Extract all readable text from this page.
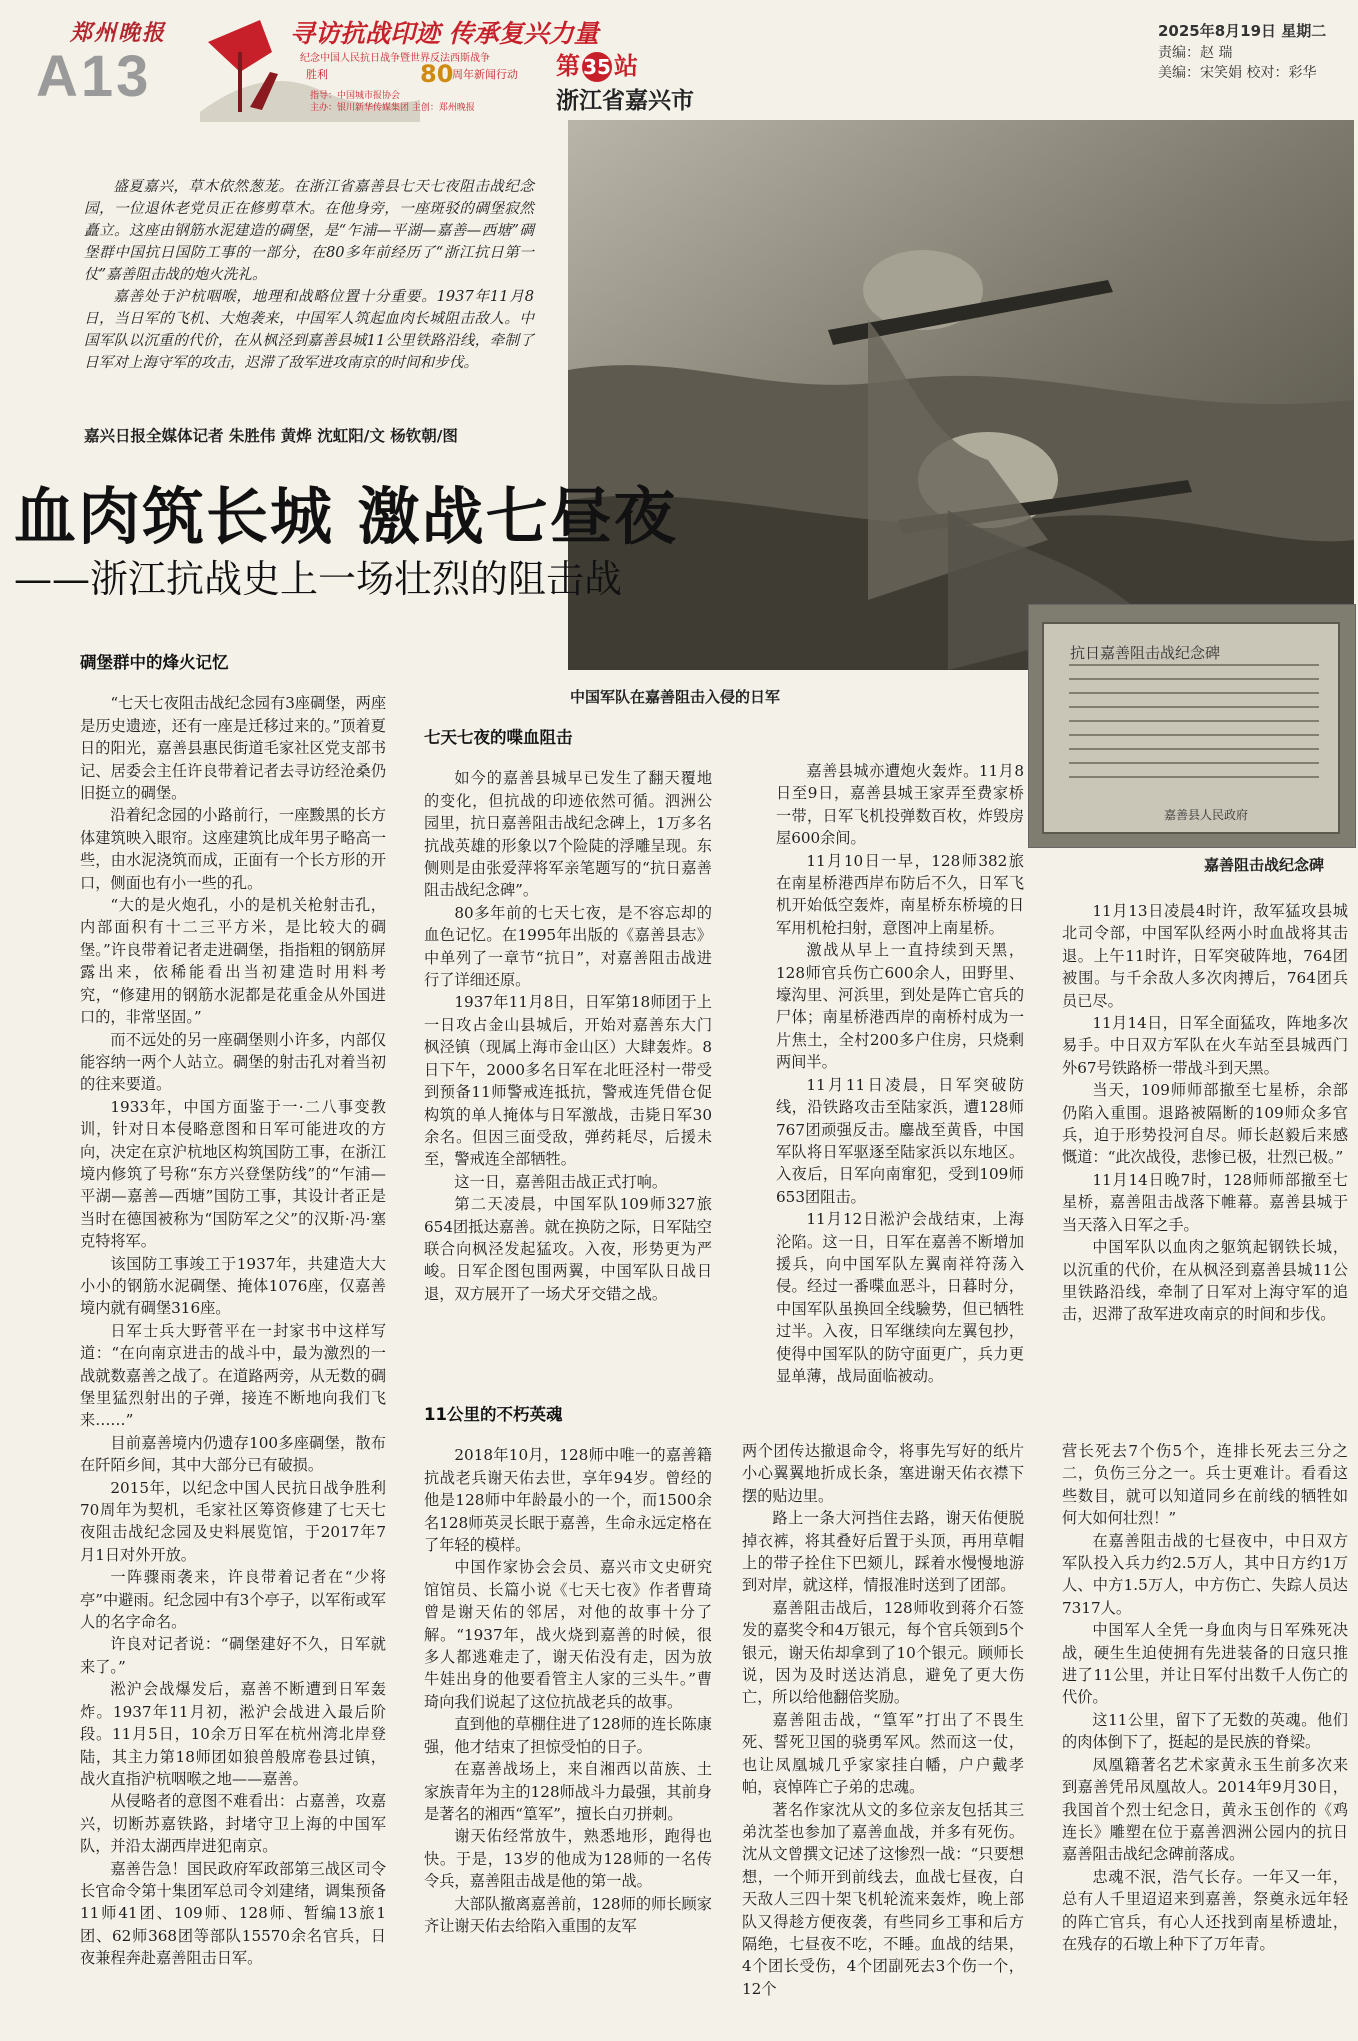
郑州晚报
A13
寻访抗战印迹 传承复兴力量
纪念中国人民抗日战争暨世界反法西斯战争
胜利	80
周年新闻行动
指导：中国城市报协会
主办：银川新华传媒集团 主创：郑州晚报
第 35 站
浙江省嘉兴市
2025年8月19日 星期二
责编：赵 瑞
美编：宋笑娟 校对：彩华
中国军队在嘉善阻击入侵的日军
抗日嘉善阻击战纪念碑
嘉善县人民政府
嘉善阻击战纪念碑

盛夏嘉兴，草木依然葱茏。在浙江省嘉善县七天七夜阻击战纪念园，一位退休老党员正在修剪草木。在他身旁，一座斑驳的碉堡寂然矗立。这座由钢筋水泥建造的碉堡，是“乍浦—平湖—嘉善—西塘”碉堡群中国抗日国防工事的一部分，在80多年前经历了“浙江抗日第一仗”嘉善阻击战的炮火洗礼。

嘉善处于沪杭咽喉，地理和战略位置十分重要。1937年11月8日，当日军的飞机、大炮袭来，中国军人筑起血肉长城阻击敌人。中国军队以沉重的代价，在从枫泾到嘉善县城11公里铁路沿线，牵制了日军对上海守军的攻击，迟滞了敌军进攻南京的时间和步伐。

嘉兴日报全媒体记者 朱胜伟 黄烨 沈虹阳/文 杨钦朝/图
血肉筑长城 激战七昼夜
——浙江抗战史上一场壮烈的阻击战
碉堡群中的烽火记忆

“七天七夜阻击战纪念园有3座碉堡，两座是历史遗迹，还有一座是迁移过来的。”顶着夏日的阳光，嘉善县惠民街道毛家社区党支部书记、居委会主任许良带着记者去寻访经沧桑仍旧挺立的碉堡。

沿着纪念园的小路前行，一座黢黑的长方体建筑映入眼帘。这座建筑比成年男子略高一些，由水泥浇筑而成，正面有一个长方形的开口，侧面也有小一些的孔。

“大的是火炮孔，小的是机关枪射击孔，内部面积有十二三平方米，是比较大的碉堡。”许良带着记者走进碉堡，指指粗的钢筋屏露出来，依稀能看出当初建造时用料考究，“修建用的钢筋水泥都是花重金从外国进口的，非常坚固。”

而不远处的另一座碉堡则小许多，内部仅能容纳一两个人站立。碉堡的射击孔对着当初的往来要道。

1933年，中国方面鉴于一·二八事变教训，针对日本侵略意图和日军可能进攻的方向，决定在京沪杭地区构筑国防工事，在浙江境内修筑了号称“东方兴登堡防线”的“乍浦—平湖—嘉善—西塘”国防工事，其设计者正是当时在德国被称为“国防军之父”的汉斯·冯·塞克特将军。

该国防工事竣工于1937年，共建造大大小小的钢筋水泥碉堡、掩体1076座，仅嘉善境内就有碉堡316座。

日军士兵大野菅平在一封家书中这样写道：“在向南京进击的战斗中，最为激烈的一战就数嘉善之战了。在道路两旁，从无数的碉堡里猛烈射出的子弹，接连不断地向我们飞来……”

目前嘉善境内仍遗存100多座碉堡，散布在阡陌乡间，其中大部分已有破损。

2015年，以纪念中国人民抗日战争胜利70周年为契机，毛家社区筹资修建了七天七夜阻击战纪念园及史料展览馆，于2017年7月1日对外开放。

一阵骤雨袭来，许良带着记者在“少将亭”中避雨。纪念园中有3个亭子，以军衔或军人的名字命名。

许良对记者说：“碉堡建好不久，日军就来了。”

淞沪会战爆发后，嘉善不断遭到日军轰炸。1937年11月初，淞沪会战进入最后阶段。11月5日，10余万日军在杭州湾北岸登陆，其主力第18师团如狼兽般席卷县过镇，战火直指沪杭咽喉之地——嘉善。

从侵略者的意图不难看出：占嘉善，攻嘉兴，切断苏嘉铁路，封堵守卫上海的中国军队，并沿太湖西岸进犯南京。

嘉善告急！国民政府军政部第三战区司令长官命令第十集团军总司令刘建绪，调集预备11师41团、109师、128师、暂编13旅1团、62师368团等部队15570余名官兵，日夜兼程奔赴嘉善阻击日军。

七天七夜的喋血阻击

如今的嘉善县城早已发生了翻天覆地的变化，但抗战的印迹依然可循。泗洲公园里，抗日嘉善阻击战纪念碑上，1万多名抗战英雄的形象以7个险陡的浮雕呈现。东侧则是由张爱萍将军亲笔题写的“抗日嘉善阻击战纪念碑”。

80多年前的七天七夜，是不容忘却的血色记忆。在1995年出版的《嘉善县志》中单列了一章节“抗日”，对嘉善阻击战进行了详细还原。

1937年11月8日，日军第18师团于上一日攻占金山县城后，开始对嘉善东大门枫泾镇（现属上海市金山区）大肆轰炸。8日下午，2000多名日军在北旺泾村一带受到预备11师警戒连抵抗，警戒连凭借仓促构筑的单人掩体与日军激战，击毙日军30余名。但因三面受敌，弹药耗尽，后援未至，警戒连全部牺牲。

这一日，嘉善阻击战正式打响。

第二天凌晨，中国军队109师327旅654团抵达嘉善。就在换防之际，日军陆空联合向枫泾发起猛攻。入夜，形势更为严峻。日军企图包围两翼，中国军队日战日退，双方展开了一场犬牙交错之战。

嘉善县城亦遭炮火轰炸。11月8日至9日，嘉善县城王家弄至费家桥一带，日军飞机投弹数百枚，炸毁房屋600余间。

11月10日一早，128师382旅在南星桥港西岸布防后不久，日军飞机开始低空轰炸，南星桥东桥境的日军用机枪扫射，意图冲上南星桥。

激战从早上一直持续到天黑，128师官兵伤亡600余人，田野里、壕沟里、河浜里，到处是阵亡官兵的尸体；南星桥港西岸的南桥村成为一片焦土，全村200多户住房，只烧剩两间半。

11月11日凌晨，日军突破防线，沿铁路攻击至陆家浜，遭128师767团顽强反击。鏖战至黄昏，中国军队将日军驱逐至陆家浜以东地区。入夜后，日军向南窜犯，受到109师653团阻击。

11月12日淞沪会战结束，上海沦陷。这一日，日军在嘉善不断增加援兵，向中国军队左翼南祥符荡入侵。经过一番喋血恶斗，日暮时分，中国军队虽换回全线驗势，但已牺牲过半。入夜，日军继续向左翼包抄，使得中国军队的防守面更广，兵力更显单薄，战局面临被动。

11月13日凌晨4时许，敌军猛攻县城北司令部，中国军队经两小时血战将其击退。上午11时许，日军突破阵地，764团被围。与千余敌人多次肉搏后，764团兵员已尽。

11月14日，日军全面猛攻，阵地多次易手。中日双方军队在火车站至县城西门外67号铁路桥一带战斗到天黑。

当天，109师师部撤至七星桥，余部仍陷入重围。退路被隔断的109师众多官兵，迫于形势投河自尽。师长赵毅后来感慨道：“此次战役，悲惨已极，壮烈已极。”

11月14日晚7时，128师师部撤至七星桥，嘉善阻击战落下帷幕。嘉善县城于当天落入日军之手。

中国军队以血肉之躯筑起钢铁长城，以沉重的代价，在从枫泾到嘉善县城11公里铁路沿线，牵制了日军对上海守军的追击，迟滞了敌军进攻南京的时间和步伐。

11公里的不朽英魂

2018年10月，128师中唯一的嘉善籍抗战老兵谢天佑去世，享年94岁。曾经的他是128师中年龄最小的一个，而1500余名128师英灵长眠于嘉善，生命永远定格在了年轻的模样。

中国作家协会会员、嘉兴市文史研究馆馆员、长篇小说《七天七夜》作者曹琦曾是谢天佑的邻居，对他的故事十分了解。“1937年，战火烧到嘉善的时候，很多人都逃难走了，谢天佑没有走，因为放牛娃出身的他要看管主人家的三头牛。”曹琦向我们说起了这位抗战老兵的故事。

直到他的草棚住进了128师的连长陈康强，他才结束了担惊受怕的日子。

在嘉善战场上，来自湘西以苗族、土家族青年为主的128师战斗力最强，其前身是著名的湘西“篁军”，擅长白刃拼刺。

谢天佑经常放牛，熟悉地形，跑得也快。于是，13岁的他成为128师的一名传令兵，嘉善阻击战是他的第一战。

大部队撤离嘉善前，128师的师长顾家齐让谢天佑去给陷入重围的友军

两个团传达撤退命令，将事先写好的纸片小心翼翼地折成长条，塞进谢天佑衣襟下摆的贴边里。

路上一条大河挡住去路，谢天佑便脱掉衣裤，将其叠好后置于头顶，再用草帽上的带子拴住下巴颏儿，踩着水慢慢地游到对岸，就这样，情报准时送到了团部。

嘉善阻击战后，128师收到蒋介石签发的嘉奖令和4万银元，每个官兵领到5个银元，谢天佑却拿到了10个银元。顾师长说，因为及时送达消息，避免了更大伤亡，所以给他翻倍奖励。

嘉善阻击战，“篁军”打出了不畏生死、誓死卫国的骁勇军风。然而这一仗，也让凤凰城几乎家家挂白幡，户户戴孝帕，哀悼阵亡子弟的忠魂。

著名作家沈从文的多位亲友包括其三弟沈荃也参加了嘉善血战，并多有死伤。沈从文曾撰文记述了这惨烈一战：“只要想想，一个师开到前线去，血战七昼夜，白天敌人三四十架飞机轮流来轰炸，晚上部队又得趁方便夜袭，有些同乡工事和后方隔绝，七昼夜不吃，不睡。血战的结果，4个团长受伤，4个团副死去3个伤一个，12个

营长死去7个伤5个，连排长死去三分之二，负伤三分之一。兵士更难计。看看这些数目，就可以知道同乡在前线的牺牲如何大如何壮烈！”

在嘉善阻击战的七昼夜中，中日双方军队投入兵力约2.5万人，其中日方约1万人、中方1.5万人，中方伤亡、失踪人员达7317人。

中国军人全凭一身血肉与日军殊死决战，硬生生迫使拥有先进装备的日寇只推进了11公里，并让日军付出数千人伤亡的代价。

这11公里，留下了无数的英魂。他们的肉体倒下了，挺起的是民族的脊梁。

凤凰籍著名艺术家黄永玉生前多次来到嘉善凭吊凤凰故人。2014年9月30日，我国首个烈士纪念日，黄永玉创作的《鸡连长》雕塑在位于嘉善泗洲公园内的抗日嘉善阻击战纪念碑前落成。

忠魂不泯，浩气长存。一年又一年，总有人千里迢迢来到嘉善，祭奠永远年轻的阵亡官兵，有心人还找到南星桥遗址，在残存的石墩上种下了万年青。
